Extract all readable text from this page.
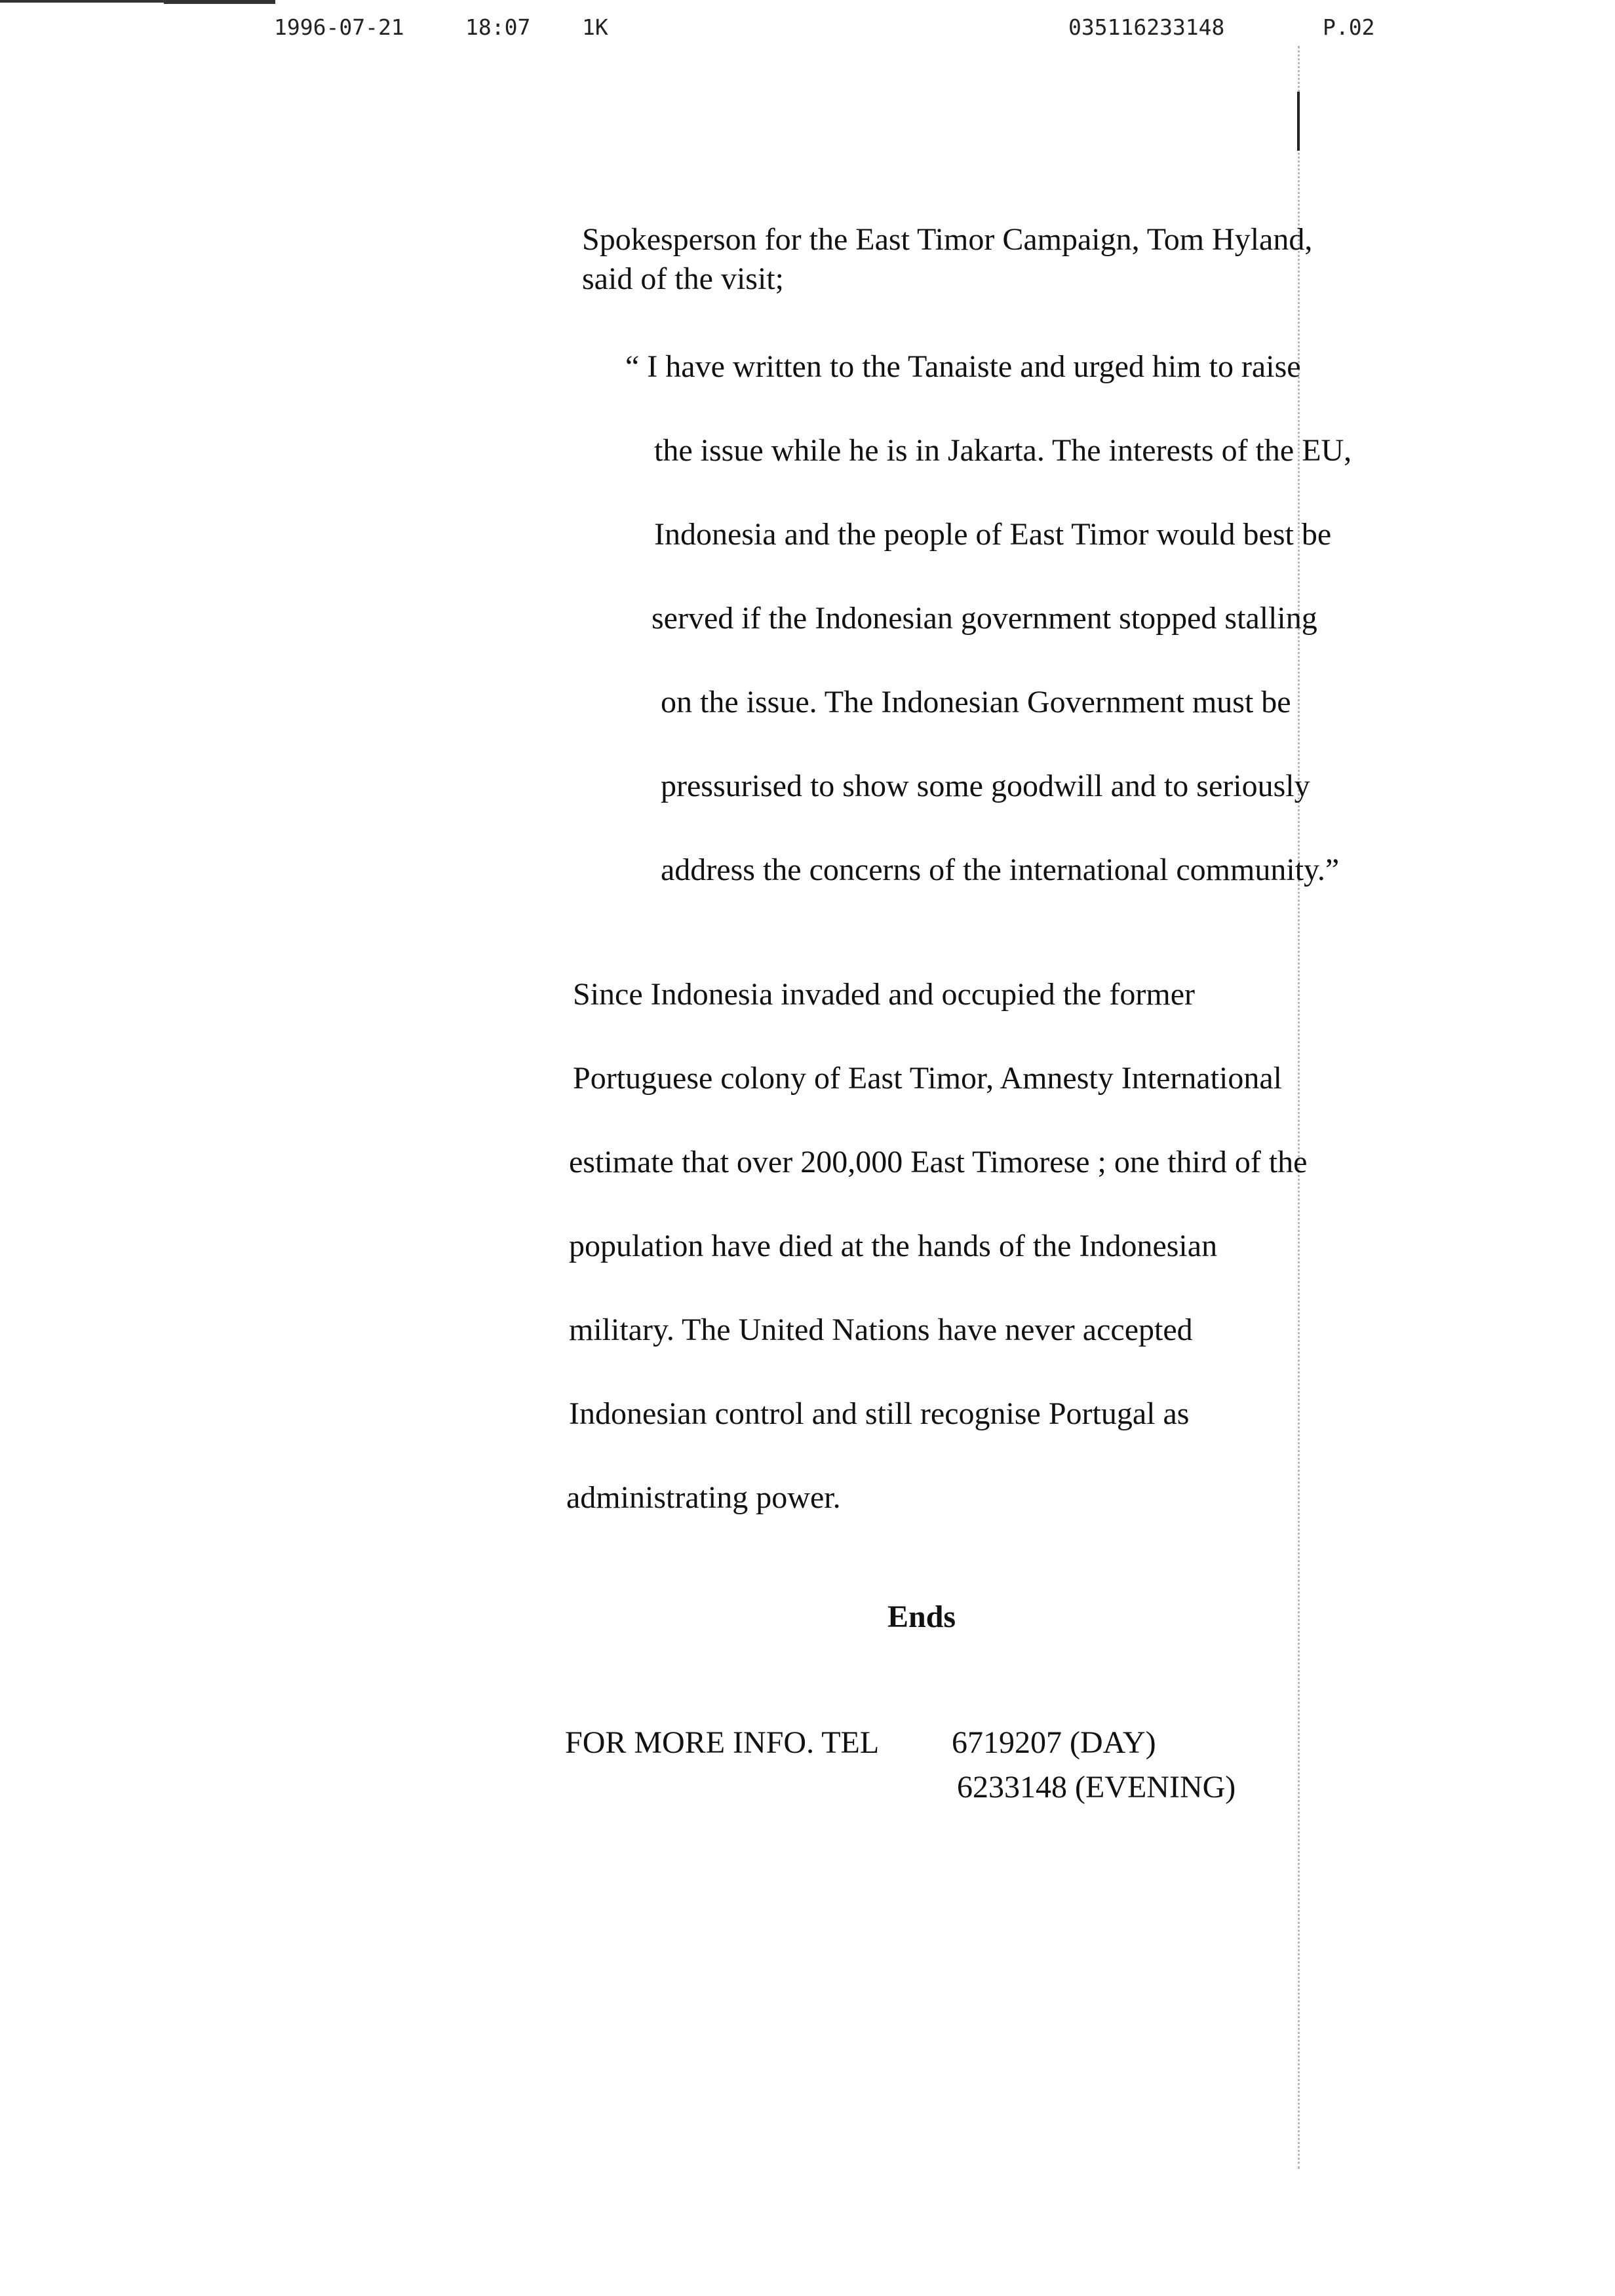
1996-07-21	18:07 1K	035116233148	P.02
Spokesperson for the East Timor Campaign, Tom Hyland,
said of the visit;
“ I have written to the Tanaiste and urged him to raise
the issue while he is in Jakarta. The interests of the EU,
Indonesia and the people of East Timor would best be
served if the Indonesian government stopped stalling
on the issue. The Indonesian Government must be
pressurised to show some goodwill and to seriously
address the concerns of the international community.”
Since Indonesia invaded and occupied the former
Portuguese colony of East Timor, Amnesty International
estimate that over 200,000 East Timorese ; one third of the
population have died at the hands of the Indonesian
military. The United Nations have never accepted
Indonesian control and still recognise Portugal as
administrating power.
Ends
FOR MORE INFO. TEL 6719207 (DAY)
6233148 (EVENING)
